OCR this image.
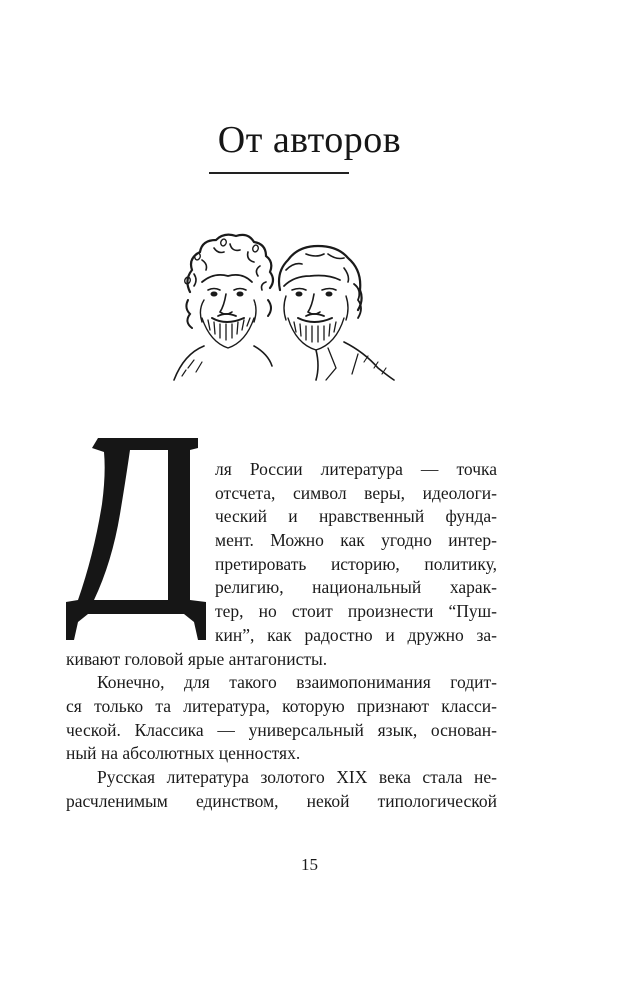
От авторов
ля России литература — точка
отсчета, символ веры, идеологи-
ческий и нравственный фунда-
мент. Можно как угодно интер-
претировать историю, политику,
религию, национальный харак-
тер, но стоит произнести “Пуш-
кин”, как радостно и дружно за-
кивают головой ярые антагонисты.
Конечно, для такого взаимопонимания годит-
ся только та литература, которую признают класси-
ческой. Классика — универсальный язык, основан-
ный на абсолютных ценностях.
Русская литература золотого XIX века стала не-
расчленимым единством, некой типологической
15
